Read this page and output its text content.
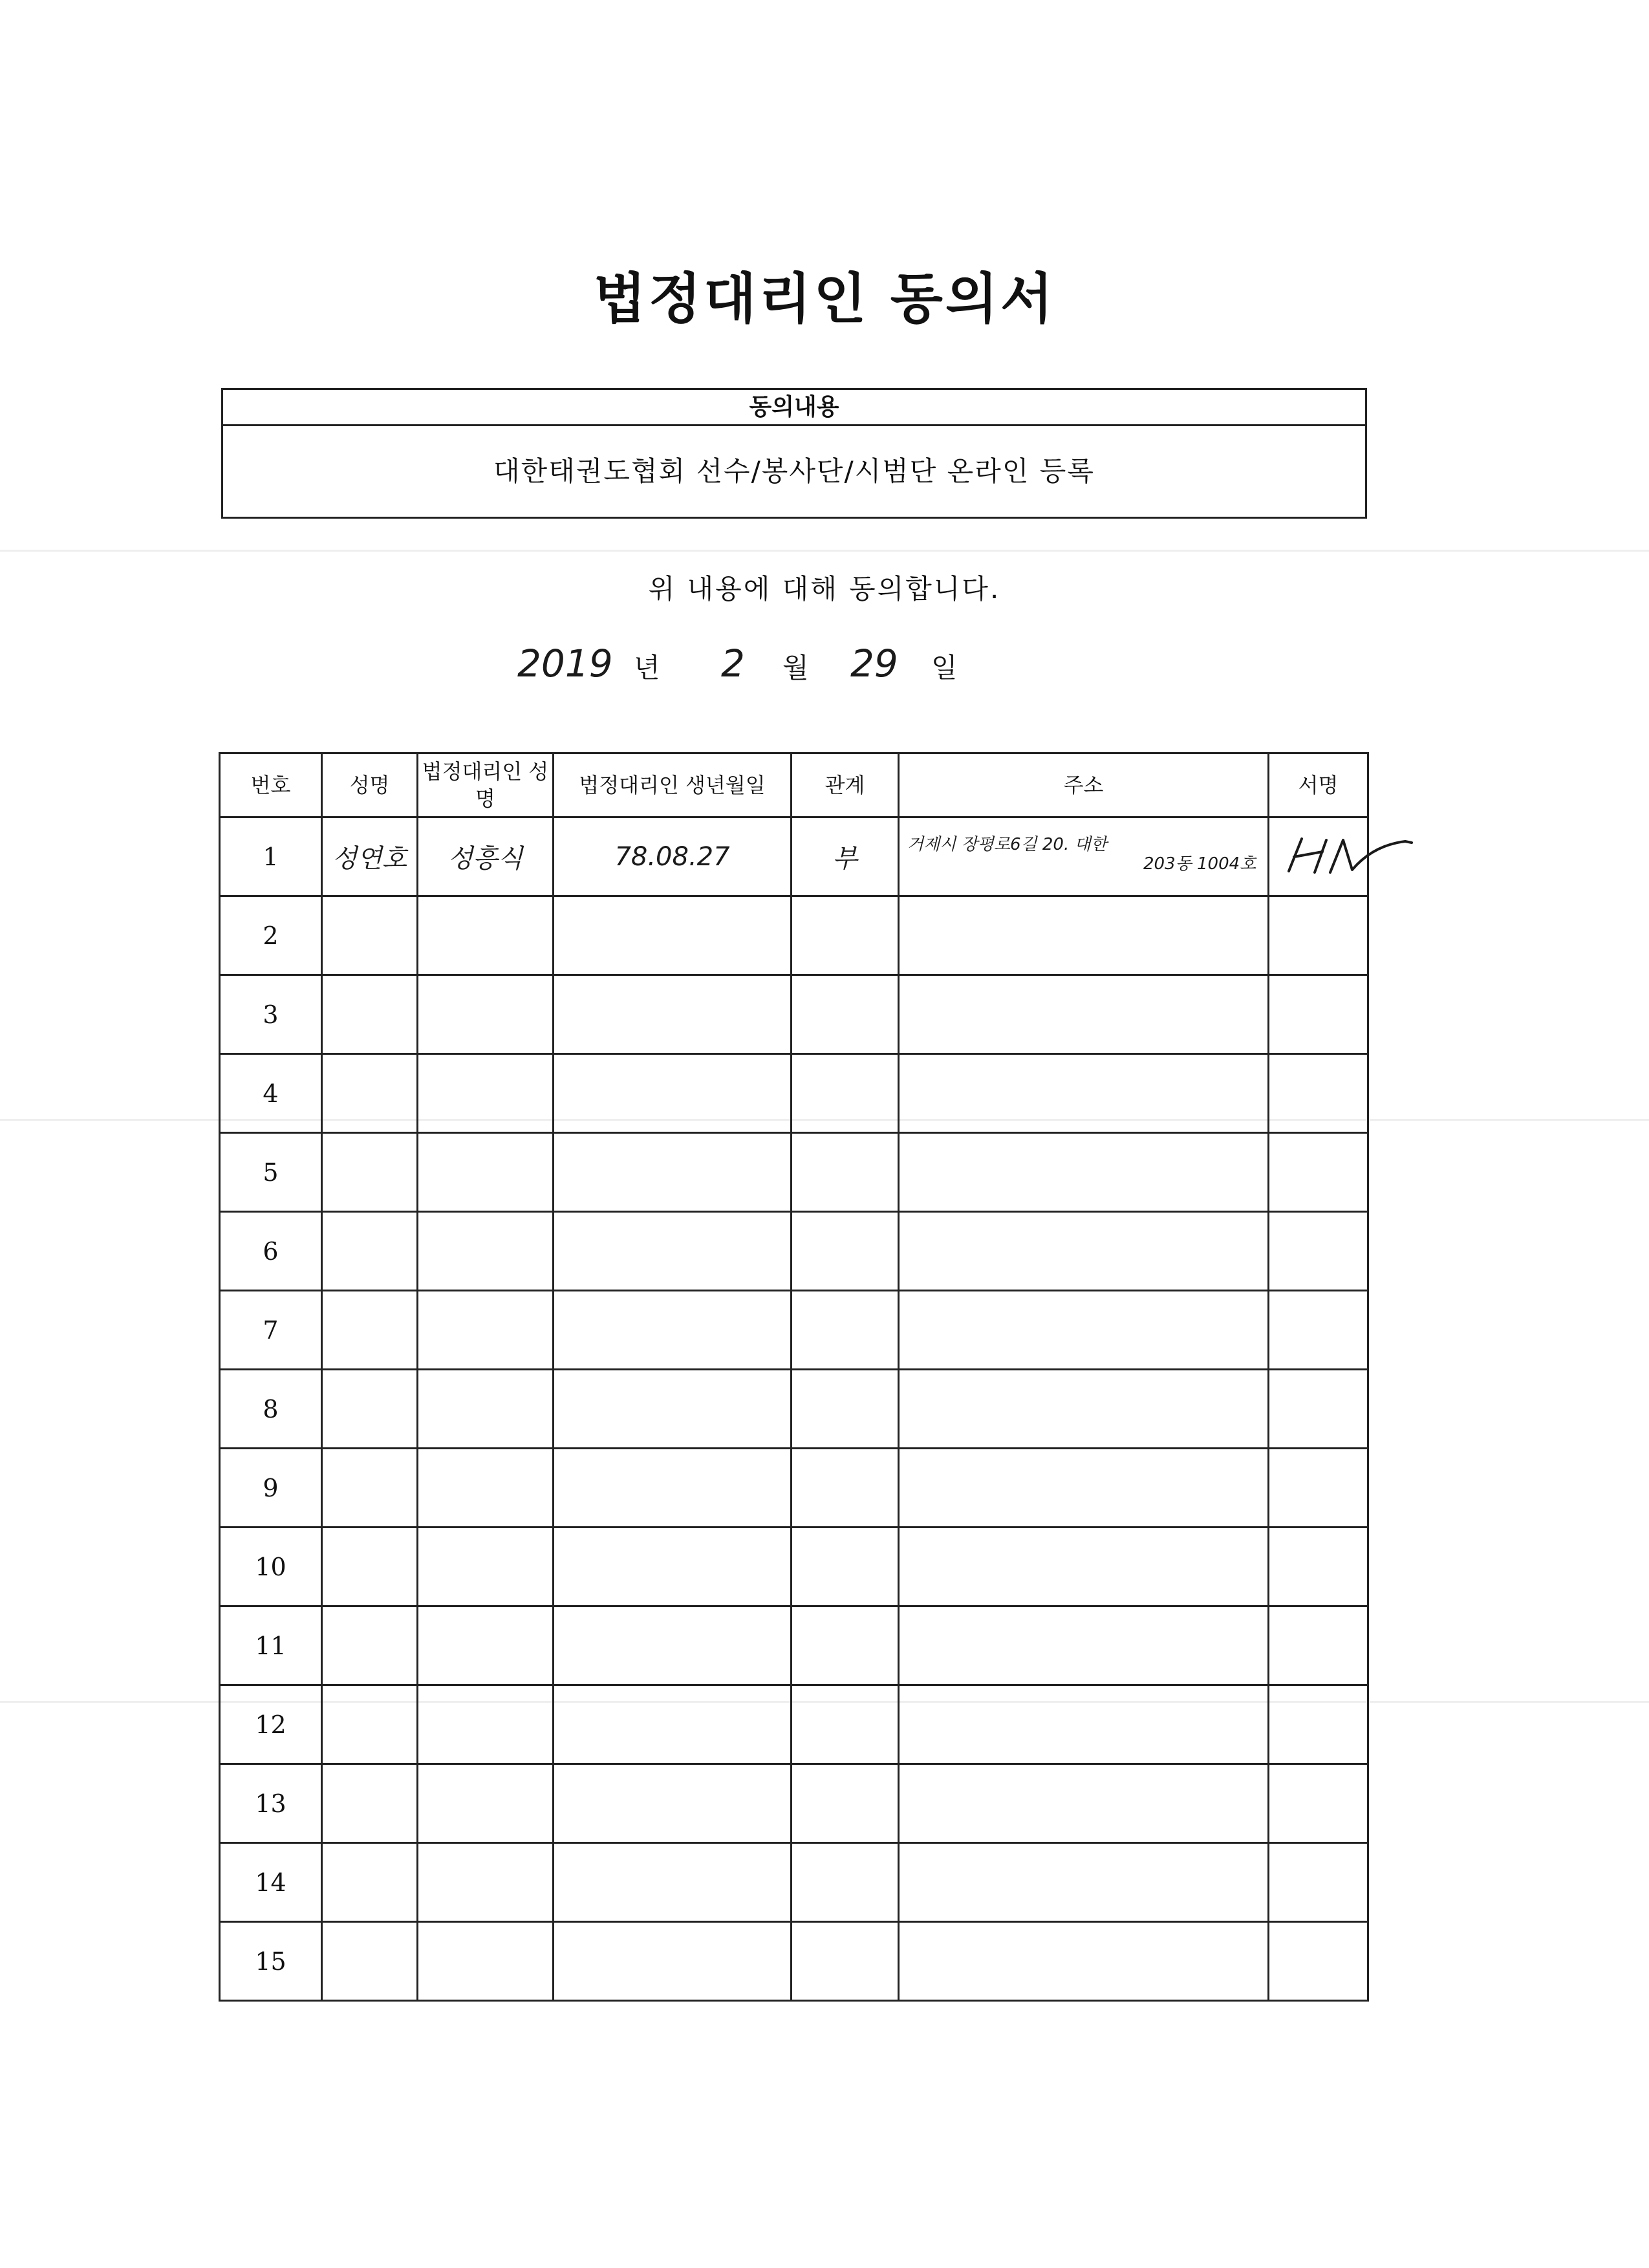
법정대리인 동의서
동의내용
대한태권도협회 선수/봉사단/시범단 온라인 등록
위 내용에 대해 동의합니다.
2019 년 2 월 29 일
번호	성명	법정대리인 성명	법정대리인 생년월일	관계	주소	서명
1	성연호	성흥식	78.08.27	부	거제시 장평로6길 20. 대한
203동 1004호

2						
3						
4						
5						
6						
7						
8						
9						
10						
11						
12						
13						
14						
15						
